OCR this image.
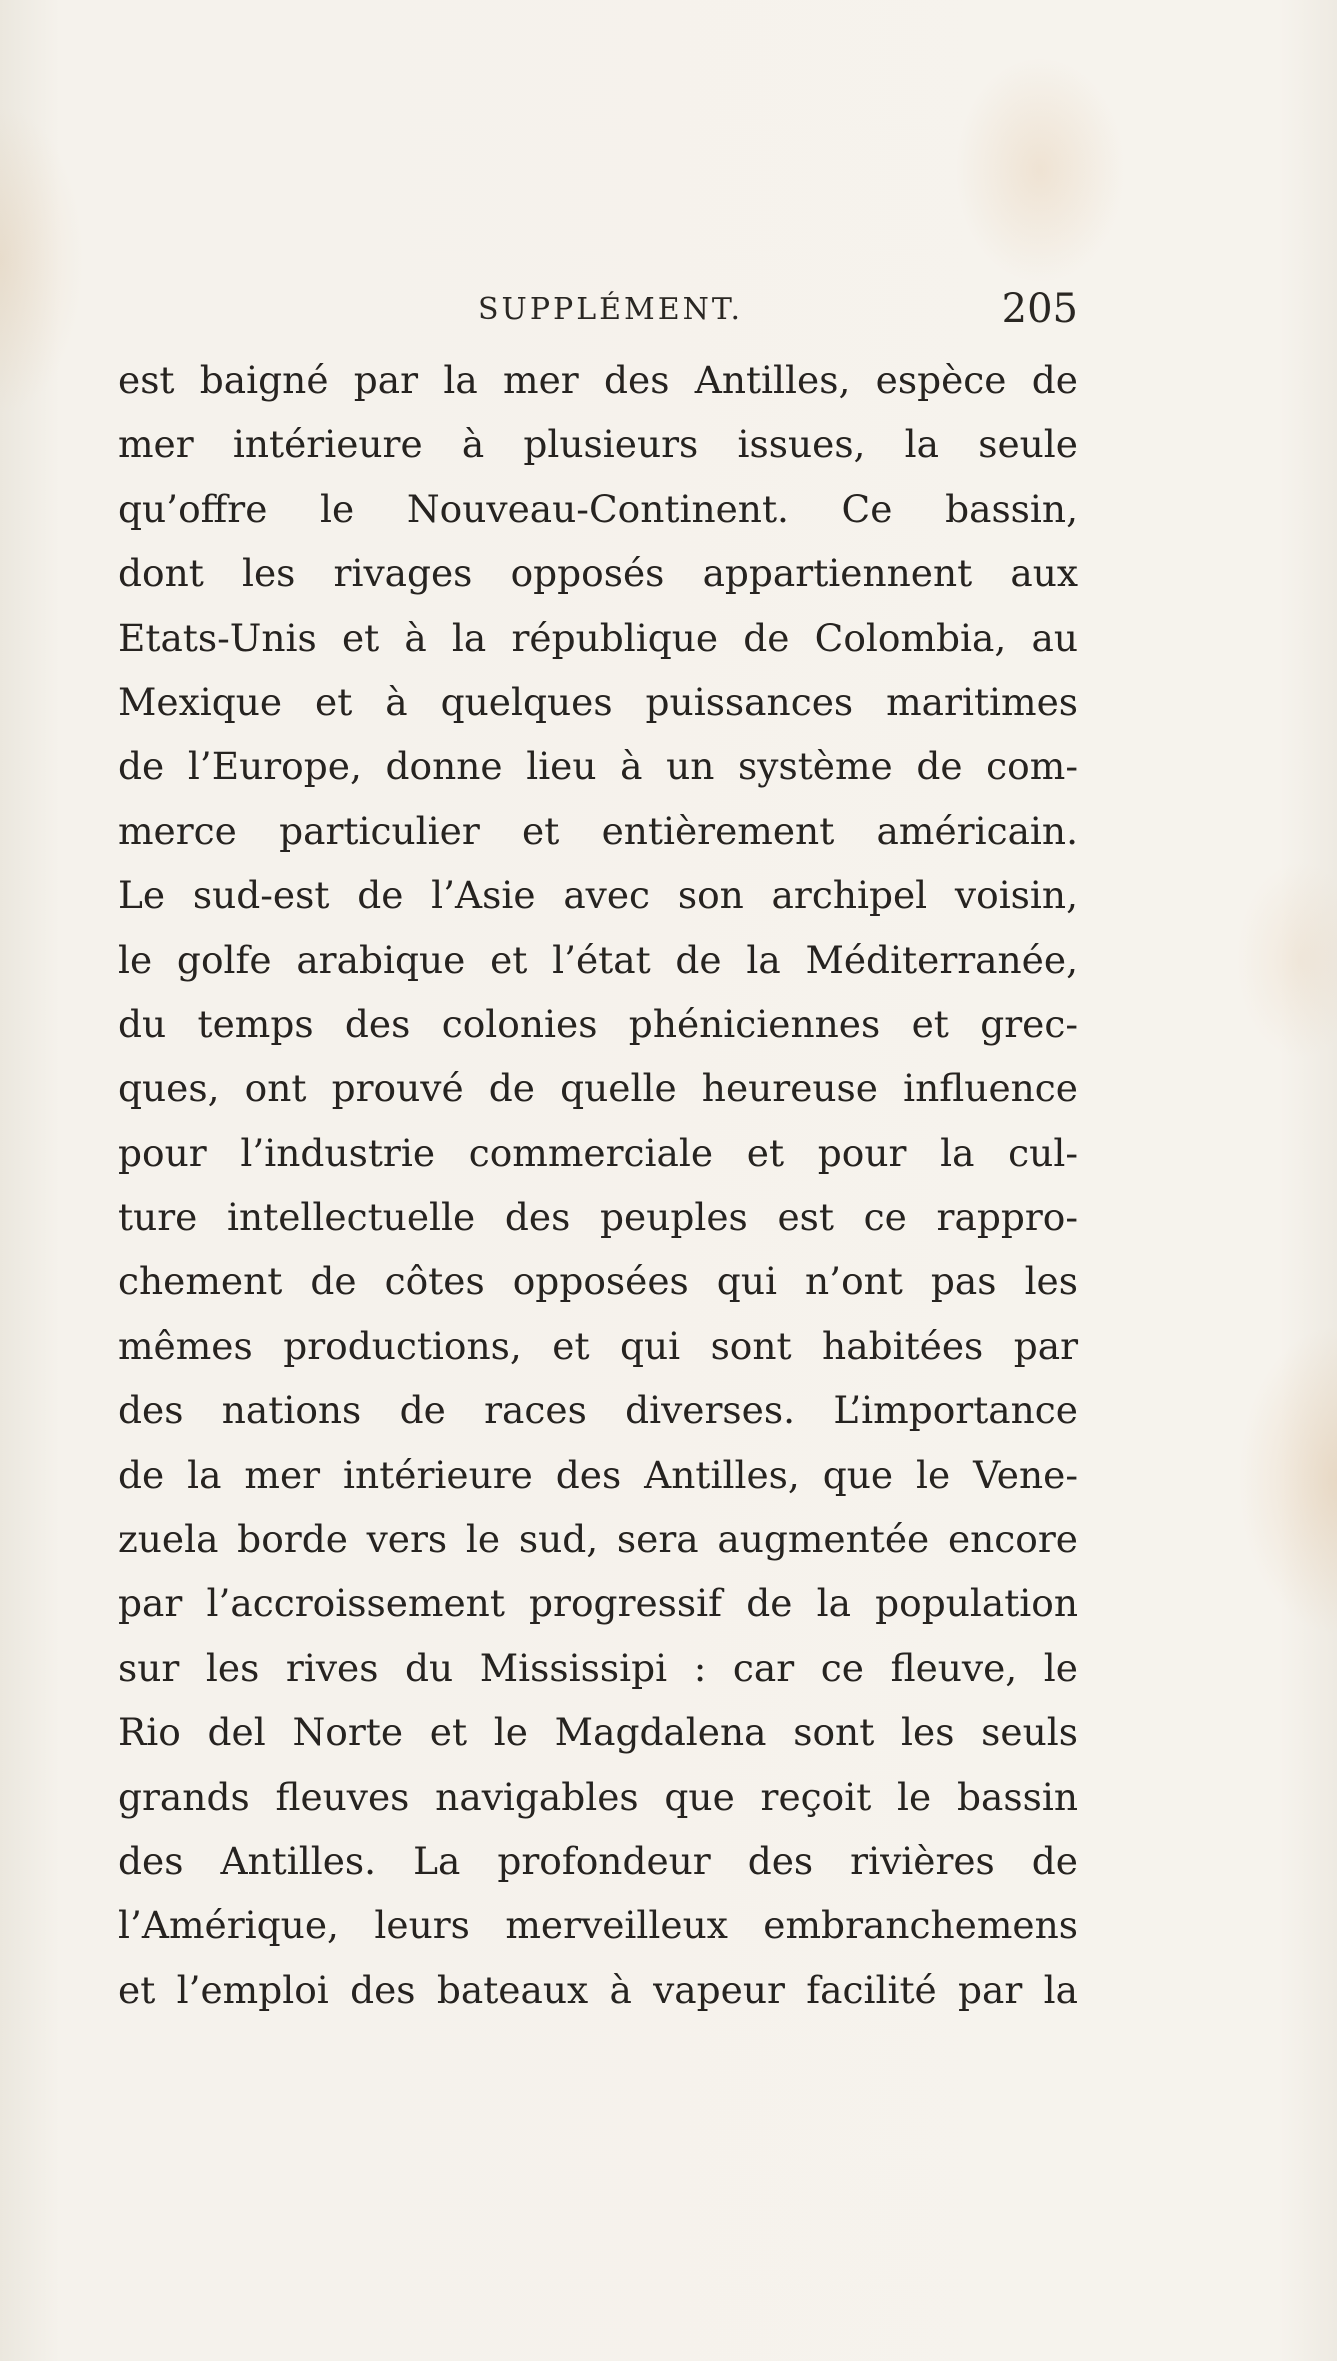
SUPPLÉMENT.	205
est baigné par la mer des Antilles, espèce de
mer intérieure à plusieurs issues, la seule
qu’offre le Nouveau-Continent. Ce bassin,
dont les rivages opposés appartiennent aux
Etats-Unis et à la république de Colombia, au
Mexique et à quelques puissances maritimes
de l’Europe, donne lieu à un système de com-
merce particulier et entièrement américain.
Le sud-est de l’Asie avec son archipel voisin,
le golfe arabique et l’état de la Méditerranée,
du temps des colonies phéniciennes et grec-
ques, ont prouvé de quelle heureuse influence
pour l’industrie commerciale et pour la cul-
ture intellectuelle des peuples est ce rappro-
chement de côtes opposées qui n’ont pas les
mêmes productions, et qui sont habitées par
des nations de races diverses. L’importance
de la mer intérieure des Antilles, que le Vene-
zuela borde vers le sud, sera augmentée encore
par l’accroissement progressif de la population
sur les rives du Mississipi : car ce fleuve, le
Rio del Norte et le Magdalena sont les seuls
grands fleuves navigables que reçoit le bassin
des Antilles. La profondeur des rivières de
l’Amérique, leurs merveilleux embranchemens
et l’emploi des bateaux à vapeur facilité par la
